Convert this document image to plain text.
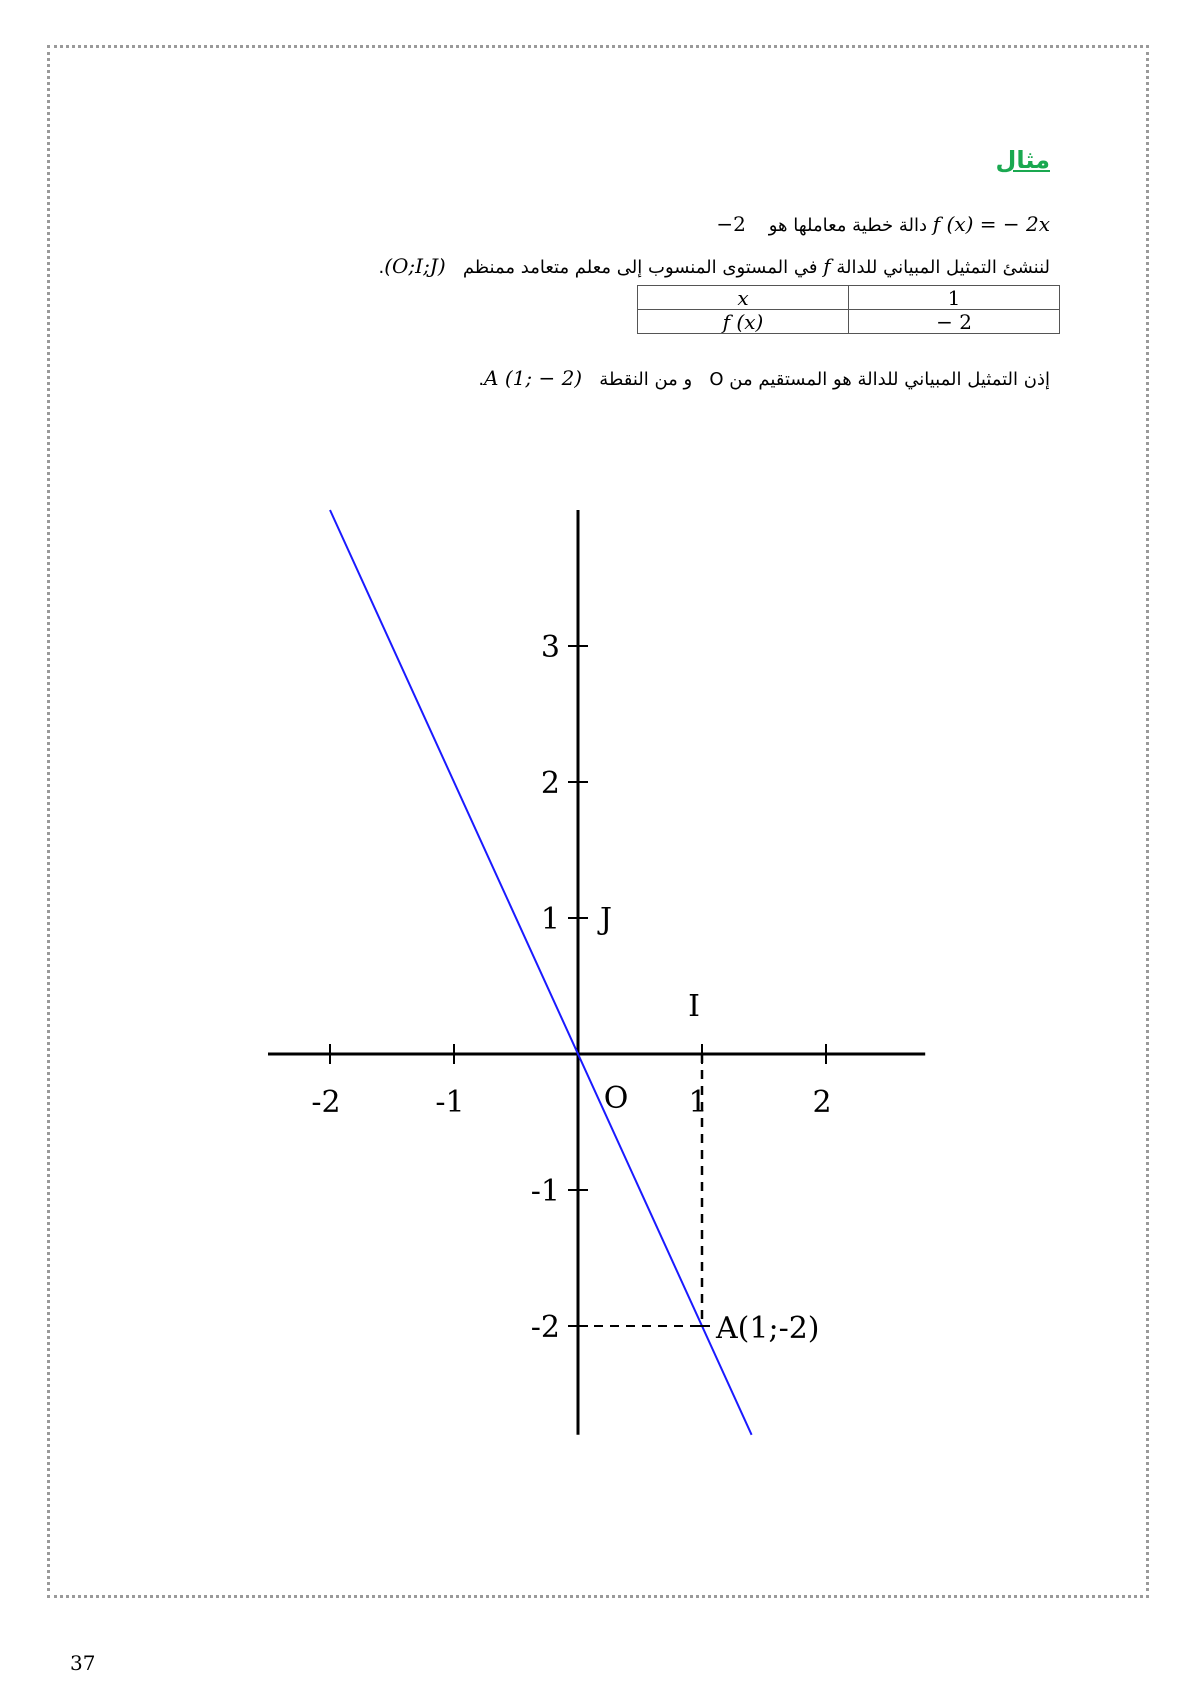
مثال
f (x) = − 2x دالة خطية معاملها هو    −2
لننشئ التمثيل المبياني للدالة f في المستوى المنسوب إلى معلم متعامد ممنظم   (O;I;J).
x	1
f (x)	− 2
إذن التمثيل المبياني للدالة هو المستقيم من O   و من النقطة   A (1; − 2).
-2	-1	1	2
3
2
1
-1
-2
O
I
J
A(1;-2)
37
